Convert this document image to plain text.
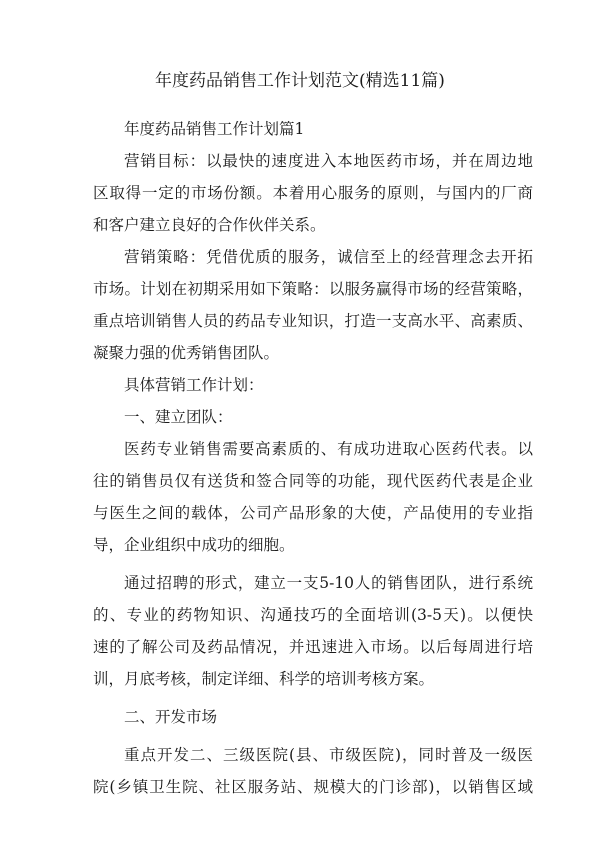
年度药品销售工作计划范文(精选11篇)
年度药品销售工作计划篇1
营销目标：以最快的速度进入本地医药市场，并在周边地
区取得一定的市场份额。本着用心服务的原则，与国内的厂商
和客户建立良好的合作伙伴关系。
营销策略：凭借优质的服务，诚信至上的经营理念去开拓
市场。计划在初期采用如下策略：以服务赢得市场的经营策略，
重点培训销售人员的药品专业知识，打造一支高水平、高素质、
凝聚力强的优秀销售团队。
具体营销工作计划：
一、建立团队：
医药专业销售需要高素质的、有成功进取心医药代表。以
往的销售员仅有送货和签合同等的功能，现代医药代表是企业
与医生之间的载体，公司产品形象的大使，产品使用的专业指
导，企业组织中成功的细胞。
通过招聘的形式，建立一支5-10人的销售团队，进行系统
的、专业的药物知识、沟通技巧的全面培训(3-5天)。以便快
速的了解公司及药品情况，并迅速进入市场。以后每周进行培
训，月底考核，制定详细、科学的培训考核方案。
二、开发市场
重点开发二、三级医院(县、市级医院)，同时普及一级医
院(乡镇卫生院、社区服务站、规模大的门诊部)，以销售区域
